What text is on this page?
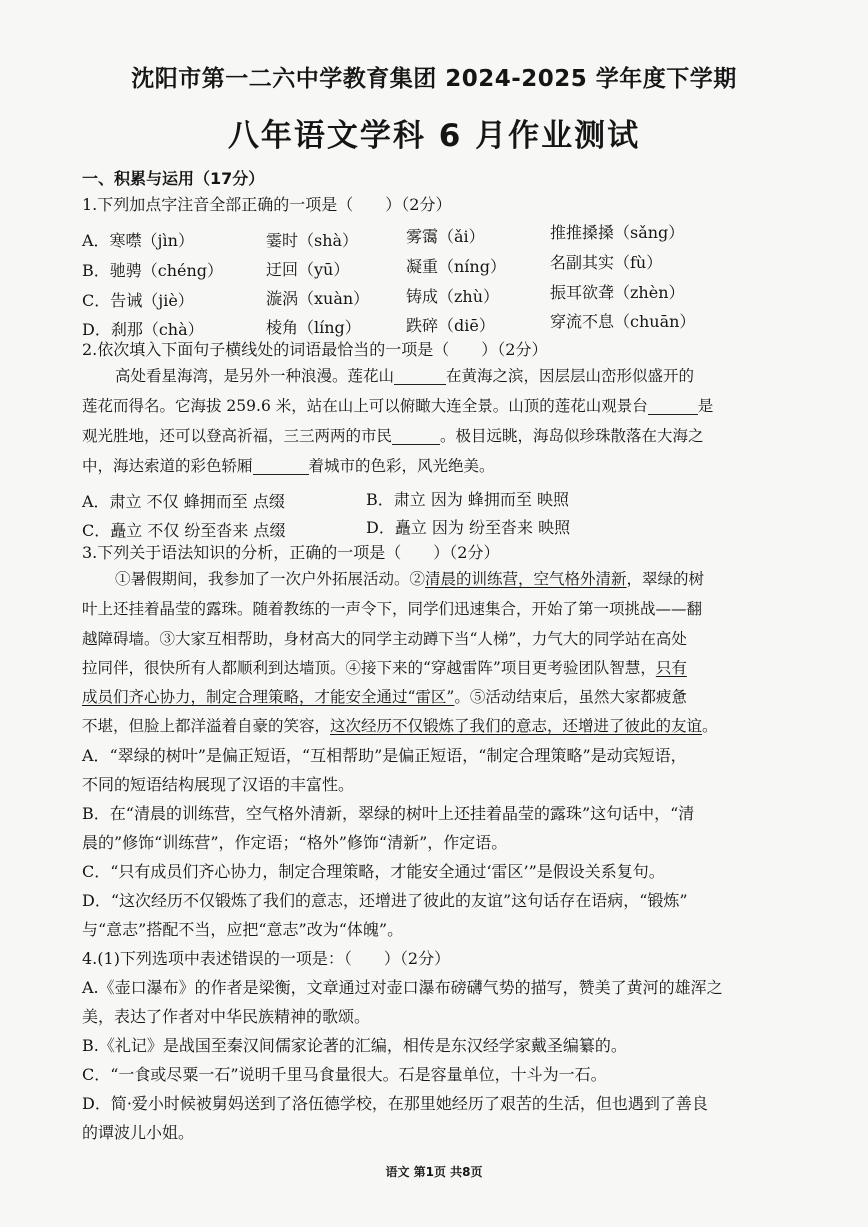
沈阳市第一二六中学教育集团 2024-2025 学年度下学期
八年语文学科 6 月作业测试
一、积累与运用（17分）
1.下列加点字注音全部正确的一项是（　　）（2分）
A．寒噤（jìn）	霎时（shà）	雾霭（ǎi）	推推搡搡（sǎng）
B．驰骋（chéng）	迂回（yū）	凝重（níng）	名副其实（fù）
C．告诫（jiè）	漩涡（xuàn） 铸成（zhù）	振耳欲聋（zhèn）
D．刹那（chà）	棱角（líng）	跌碎（diē）	穿流不息（chuān）
2.依次填入下面句子横线处的词语最恰当的一项是（　　）（2分）
高处看星海湾，是另外一种浪漫。莲花山	在黄海之滨，因层层山峦形似盛开的
莲花而得名。它海拔 259.6 米，站在山上可以俯瞰大连全景。山顶的莲花山观景台	是
观光胜地，还可以登高祈福，三三两两的市民	。极目远眺，海岛似珍珠散落在大海之
中，海达索道的彩色轿厢	着城市的色彩，风光绝美。
A．肃立 不仅 蜂拥而至 点缀	B．肃立 因为 蜂拥而至 映照
C．矗立 不仅 纷至沓来 点缀	D．矗立 因为 纷至沓来 映照
3.下列关于语法知识的分析，正确的一项是（　　）（2分）
①暑假期间，我参加了一次户外拓展活动。②清晨的训练营，空气格外清新，翠绿的树
叶上还挂着晶莹的露珠。随着教练的一声令下，同学们迅速集合，开始了第一项挑战——翻
越障碍墙。③大家互相帮助，身材高大的同学主动蹲下当“人梯”，力气大的同学站在高处
拉同伴，很快所有人都顺利到达墙顶。④接下来的“穿越雷阵”项目更考验团队智慧，只有
成员们齐心协力，制定合理策略，才能安全通过“雷区”。⑤活动结束后，虽然大家都疲惫
不堪，但脸上都洋溢着自豪的笑容，这次经历不仅锻炼了我们的意志，还增进了彼此的友谊。
A．“翠绿的树叶”是偏正短语，“互相帮助”是偏正短语，“制定合理策略”是动宾短语，
不同的短语结构展现了汉语的丰富性。
B．在“清晨的训练营，空气格外清新，翠绿的树叶上还挂着晶莹的露珠”这句话中，“清
晨的”修饰“训练营”，作定语；“格外”修饰“清新”，作定语。
C．“只有成员们齐心协力，制定合理策略，才能安全通过‘雷区’”是假设关系复句。
D．“这次经历不仅锻炼了我们的意志，还增进了彼此的友谊”这句话存在语病，“锻炼”
与“意志”搭配不当，应把“意志”改为“体魄”。
4.(1)下列选项中表述错误的一项是：（　　）（2分）
A.《壶口瀑布》的作者是梁衡，文章通过对壶口瀑布磅礴气势的描写，赞美了黄河的雄浑之
美，表达了作者对中华民族精神的歌颂。
B.《礼记》是战国至秦汉间儒家论著的汇编，相传是东汉经学家戴圣编纂的。
C．“一食或尽粟一石”说明千里马食量很大。石是容量单位，十斗为一石。
D．简·爱小时候被舅妈送到了洛伍德学校，在那里她经历了艰苦的生活，但也遇到了善良
的谭波儿小姐。
语文 第1页 共8页
